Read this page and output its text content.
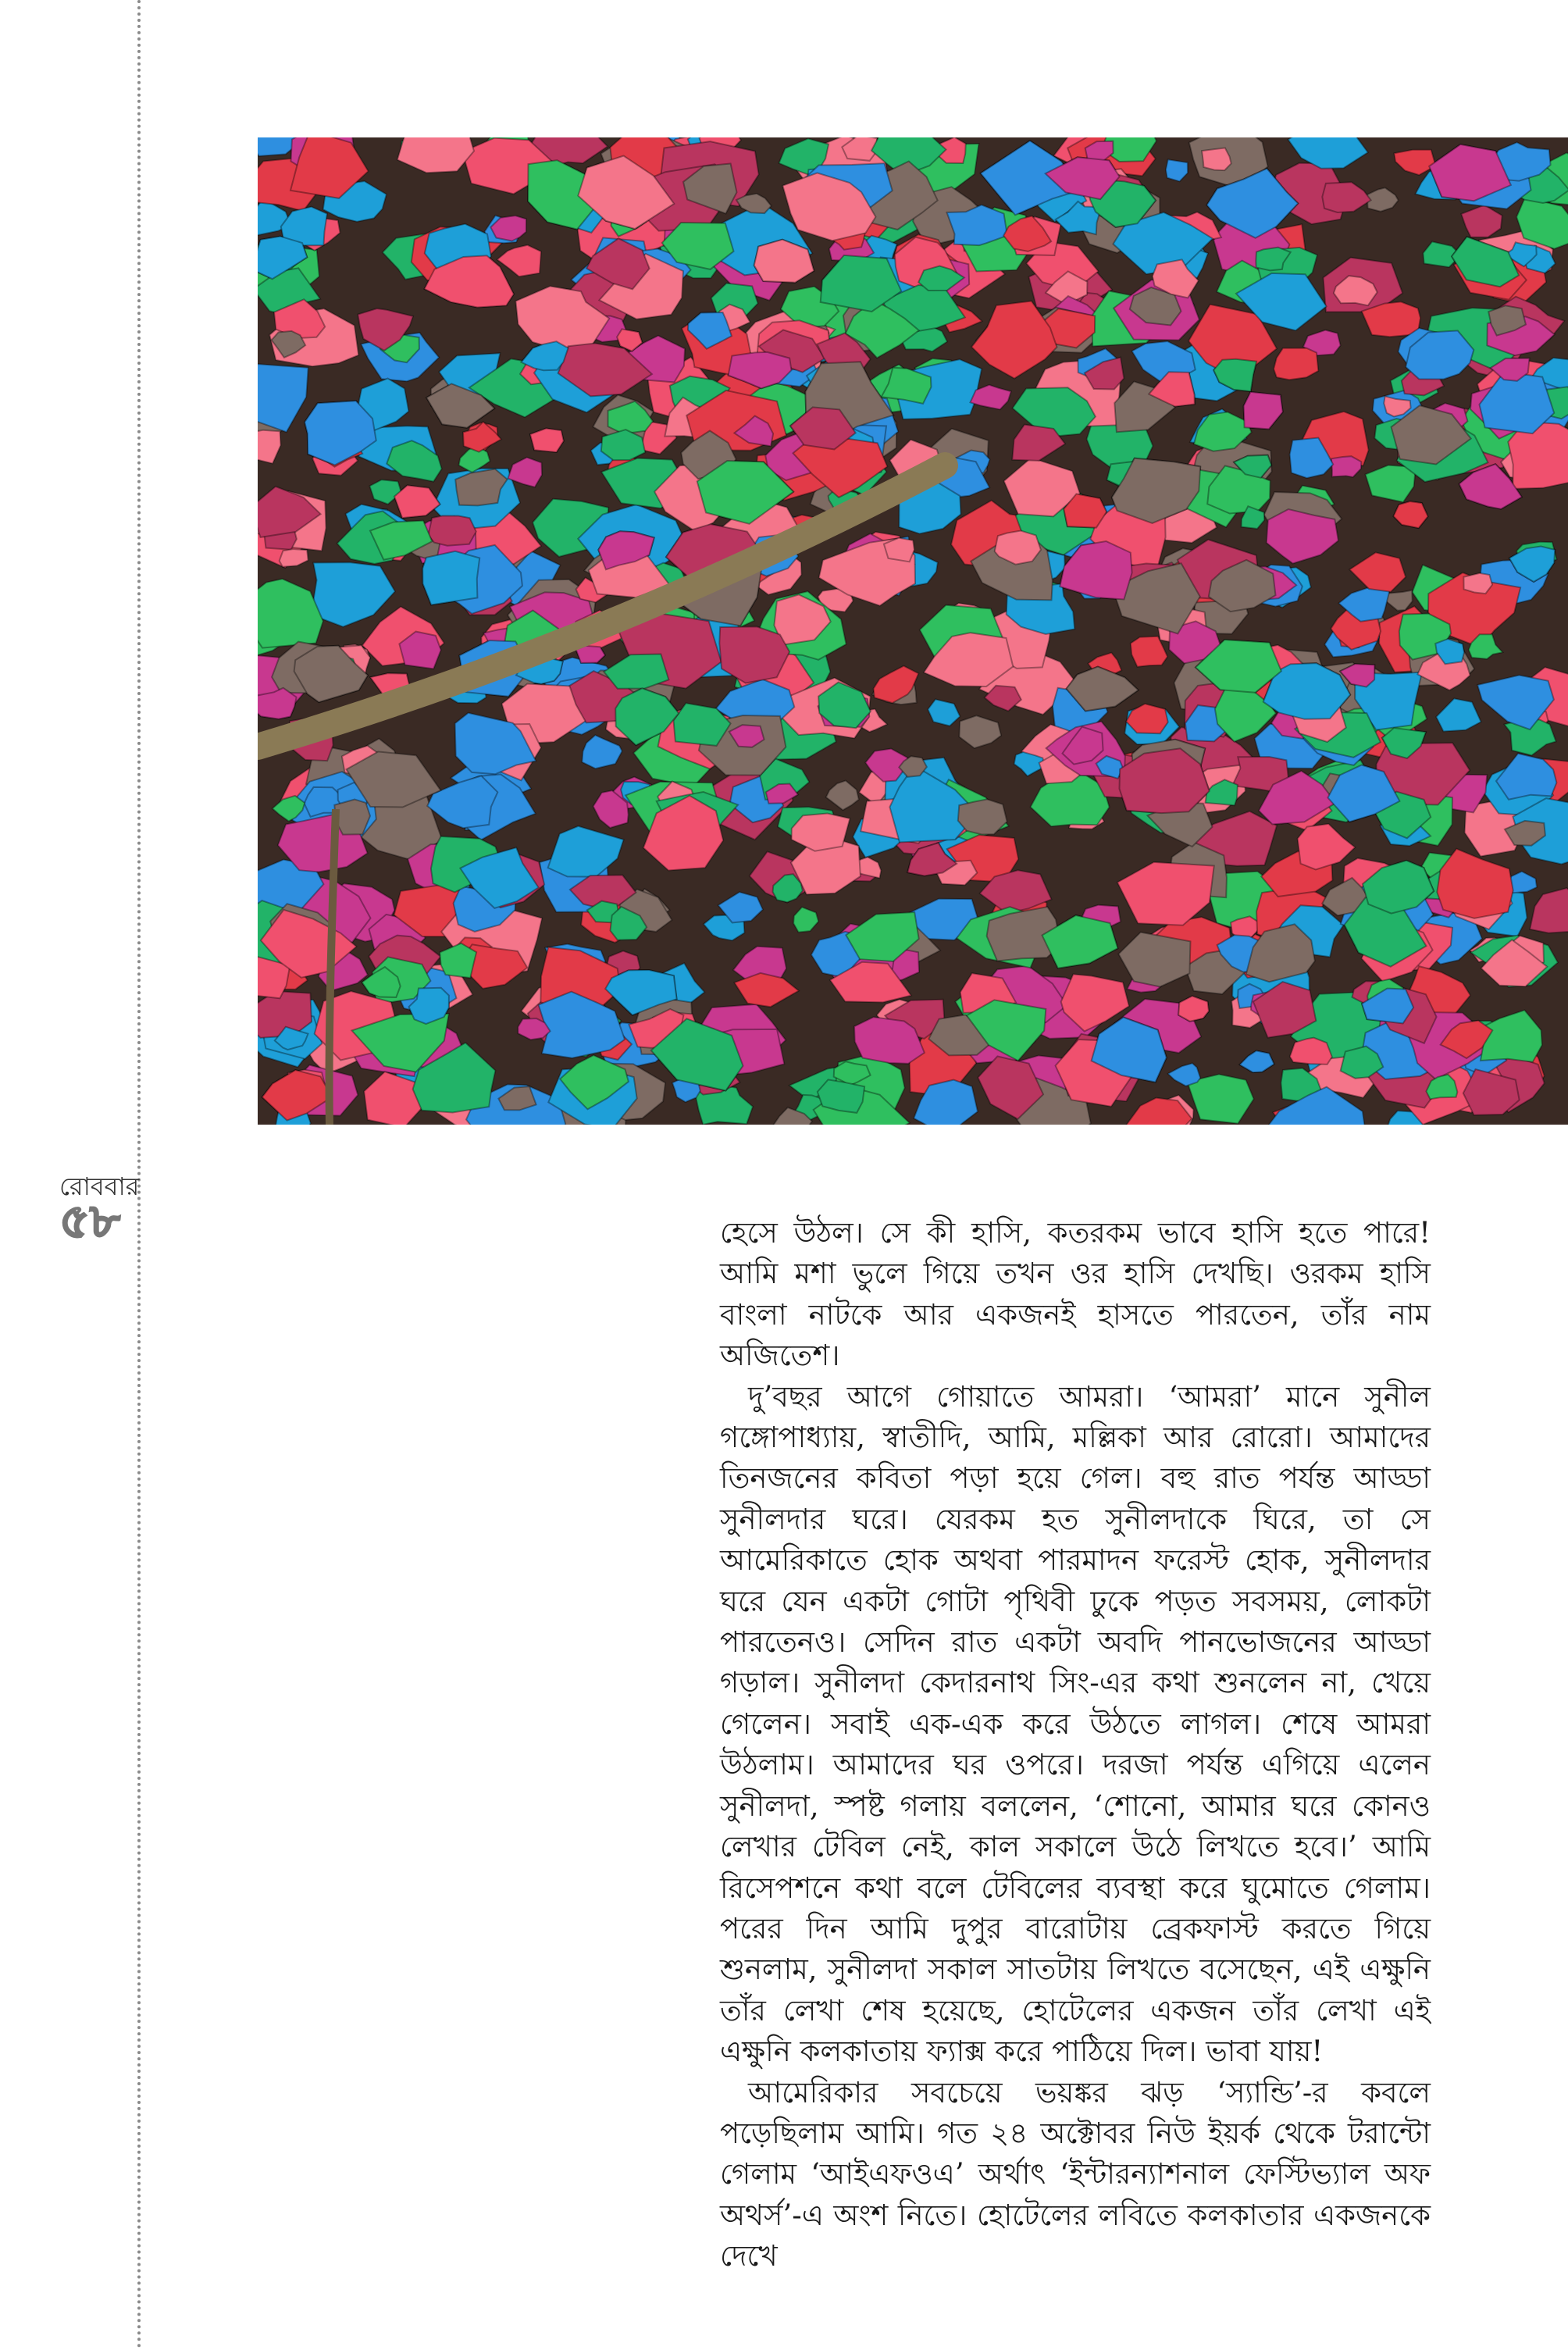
রোববার
৫৮	হেসে উঠল। সে কী হাসি, কতরকম ভাবে হাসি হতে পারে! আমি মশা ভুলে গিয়ে তখন ওর হাসি দেখছি। ওরকম হাসি বাংলা নাটকে আর একজনই হাসতে পারতেন, তাঁর নাম অজিতেশ।

দু’বছর আগে গোয়াতে আমরা। ‘আমরা’ মানে সুনীল গঙ্গোপাধ্যায়, স্বাতীদি, আমি, মল্লিকা আর রোরো। আমাদের তিনজনের কবিতা পড়া হয়ে গেল। বহু রাত পর্যন্ত আড্ডা সুনীলদার ঘরে। যেরকম হত সুনীলদাকে ঘিরে, তা সে আমেরিকাতে হোক অথবা পারমাদন ফরেস্ট হোক, সুনীলদার ঘরে যেন একটা গোটা পৃথিবী ঢুকে পড়ত সবসময়, লোকটা পারতেনও। সেদিন রাত একটা অবদি পানভোজনের আড্ডা গড়াল। সুনীলদা কেদারনাথ সিং-এর কথা শুনলেন না, খেয়ে গেলেন। সবাই এক-এক করে উঠতে লাগল। শেষে আমরা উঠলাম। আমাদের ঘর ওপরে। দরজা পর্যন্ত এগিয়ে এলেন সুনীলদা, স্পষ্ট গলায় বললেন, ‘শোনো, আমার ঘরে কোনও লেখার টেবিল নেই, কাল সকালে উঠে লিখতে হবে।’ আমি রিসেপশনে কথা বলে টেবিলের ব্যবস্থা করে ঘুমোতে গেলাম। পরের দিন আমি দুপুর বারোটায় ব্রেকফাস্ট করতে গিয়ে শুনলাম, সুনীলদা সকাল সাতটায় লিখতে বসেছেন, এই এক্ষুনি তাঁর লেখা শেষ হয়েছে, হোটেলের একজন তাঁর লেখা এই এক্ষুনি কলকাতায় ফ্যাক্স করে পাঠিয়ে দিল। ভাবা যায়!

আমেরিকার সবচেয়ে ভয়ঙ্কর ঝড় ‘স্যান্ডি’-র কবলে পড়েছিলাম আমি। গত ২৪ অক্টোবর নিউ ইয়র্ক থেকে টরান্টো গেলাম ‘আইএফওএ’ অর্থাৎ ‘ইন্টারন্যাশনাল ফেস্টিভ্যাল অফ অথর্স’-এ অংশ নিতে। হোটেলের লবিতে কলকাতার একজনকে দেখে
